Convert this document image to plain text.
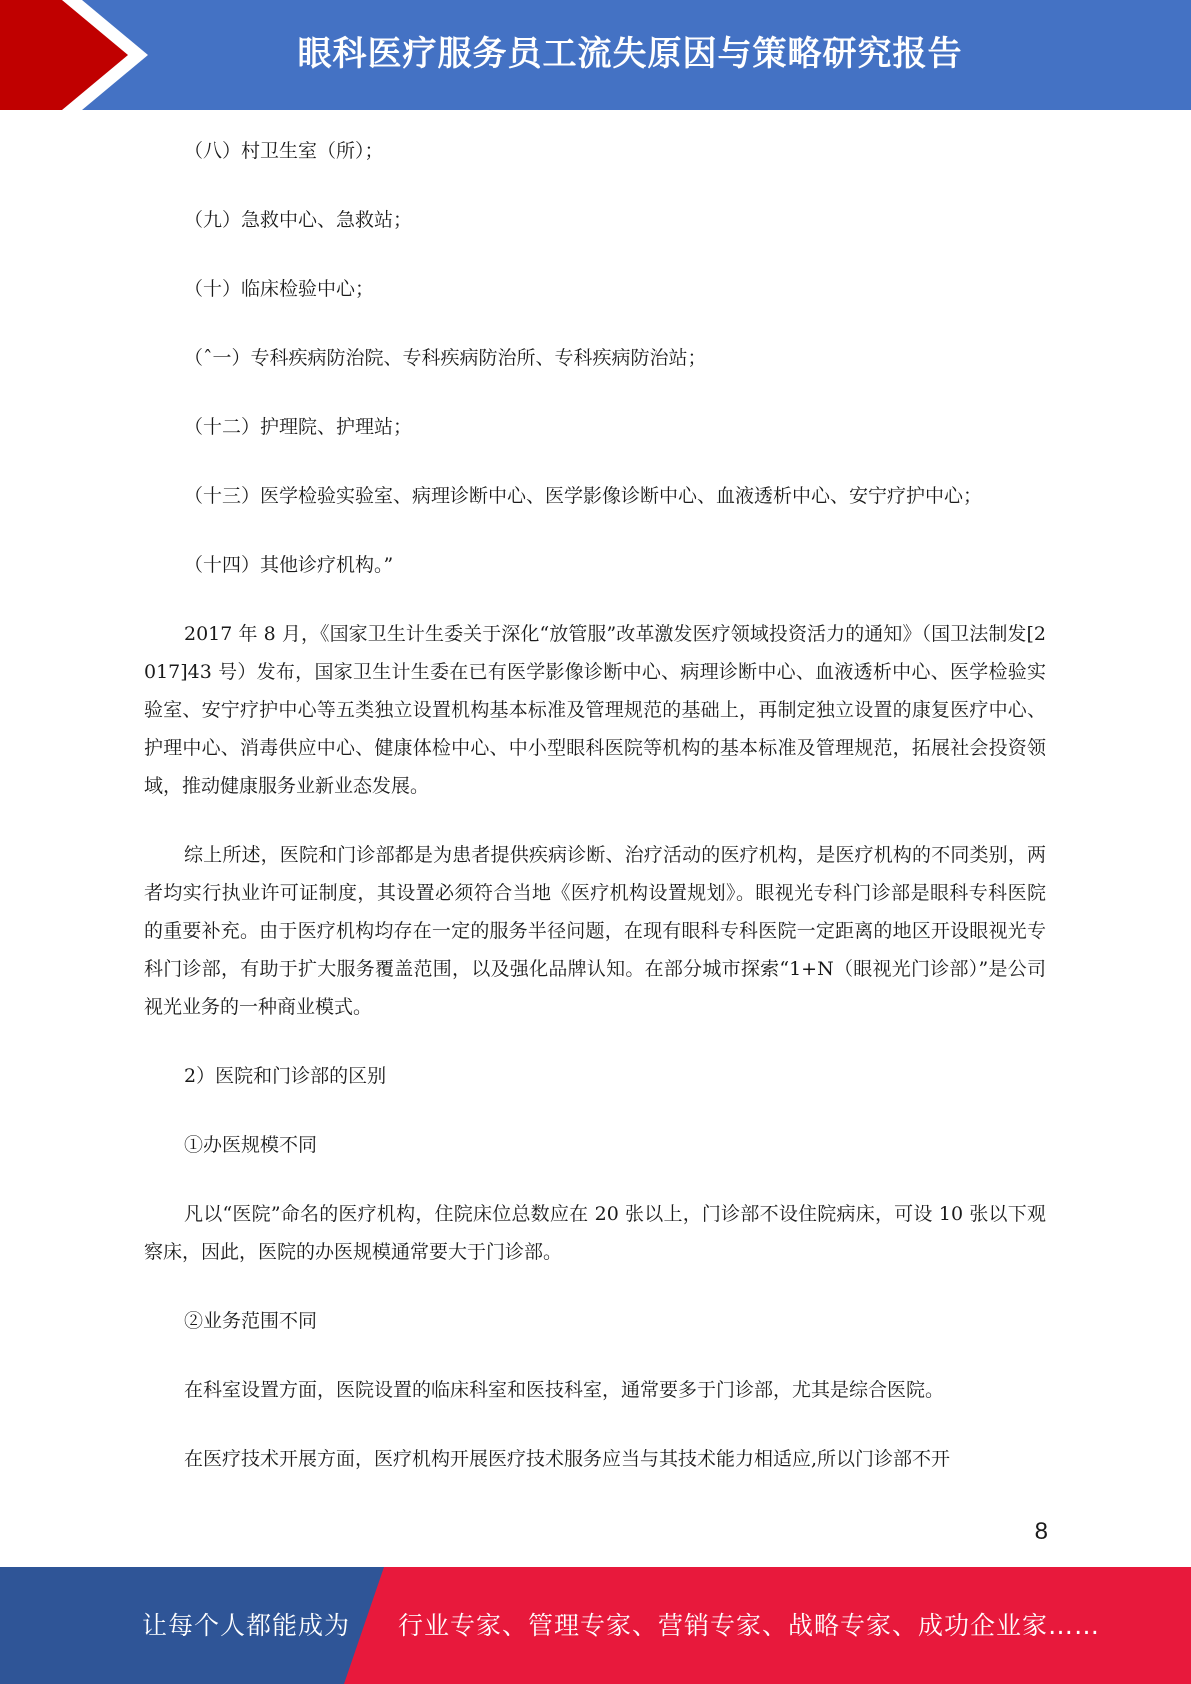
眼科医疗服务员工流失原因与策略研究报告

（八）村卫生室（所）；

（九）急救中心、急救站；

（十）临床检验中心；

（ˆ一）专科疾病防治院、专科疾病防治所、专科疾病防治站；

（十二）护理院、护理站；

（十三）医学检验实验室、病理诊断中心、医学影像诊断中心、血液透析中心、安宁疗护中心；

（十四）其他诊疗机构。”

2017 年 8 月，《国家卫生计生委关于深化“放管服”改革激发医疗领域投资活力的通知》（国卫法制发[2017]43 号）发布，国家卫生计生委在已有医学影像诊断中心、病理诊断中心、血液透析中心、医学检验实验室、安宁疗护中心等五类独立设置机构基本标准及管理规范的基础上，再制定独立设置的康复医疗中心、护理中心、消毒供应中心、健康体检中心、中小型眼科医院等机构的基本标准及管理规范，拓展社会投资领域，推动健康服务业新业态发展。

综上所述，医院和门诊部都是为患者提供疾病诊断、治疗活动的医疗机构，是医疗机构的不同类别，两者均实行执业许可证制度，其设置必须符合当地《医疗机构设置规划》。眼视光专科门诊部是眼科专科医院的重要补充。由于医疗机构均存在一定的服务半径问题，在现有眼科专科医院一定距离的地区开设眼视光专科门诊部，有助于扩大服务覆盖范围，以及强化品牌认知。在部分城市探索“1+N（眼视光门诊部）”是公司视光业务的一种商业模式。

2）医院和门诊部的区别

①办医规模不同

凡以“医院”命名的医疗机构，住院床位总数应在 20 张以上，门诊部不设住院病床，可设 10 张以下观察床，因此，医院的办医规模通常要大于门诊部。

②业务范围不同

在科室设置方面，医院设置的临床科室和医技科室，通常要多于门诊部，尤其是综合医院。

在医疗技术开展方面，医疗机构开展医疗技术服务应当与其技术能力相适应,所以门诊部不开

8
让每个人都能成为 行业专家、管理专家、营销专家、战略专家、成功企业家……
